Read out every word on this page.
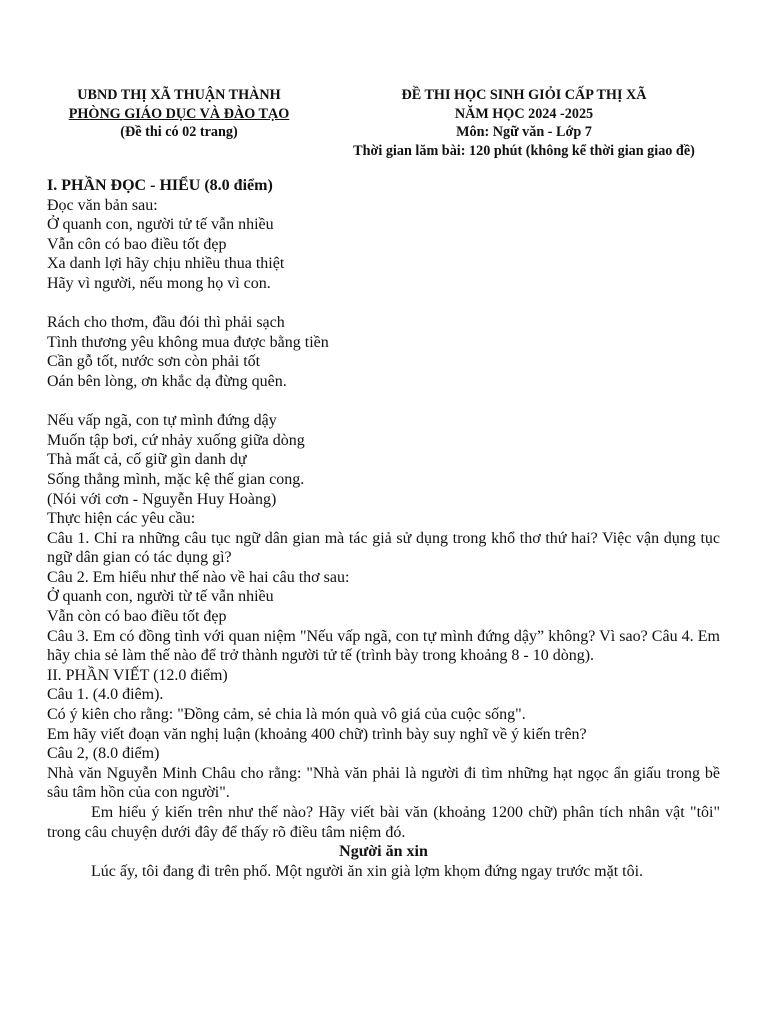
UBND THỊ XÃ THUẬN THÀNH
PHÒNG GIÁO DỤC VÀ ĐÀO TẠO
(Đề thi có 02 trang)
ĐỀ THI HỌC SINH GIỎI CẤP THỊ XÃ
NĂM HỌC 2024 -2025
Môn: Ngữ văn - Lớp 7
Thời gian lăm bài: 120 phút (không kể thời gian giao đề)

I. PHẦN ĐỌC - HIỂU (8.0 điểm)

Đọc văn bản sau:

Ở quanh con, người tử tế vẫn nhiều

Vẫn côn có bao điều tốt đẹp

Xa danh lợi hãy chịu nhiều thua thiệt

Hãy vì người, nếu mong họ vì con.

Rách cho thơm, đầu đói thì phải sạch

Tình thương yêu không mua được bằng tiền

Cần gỗ tốt, nước sơn còn phải tốt

Oán bên lòng, ơn khắc dạ đừng quên.

Nếu vấp ngã, con tự mình đứng dậy

Muốn tập bơi, cứ nhảy xuống giữa dòng

Thà mất cả, cố giữ gìn danh dự

Sống thẳng mình, mặc kệ thế gian cong.

(Nói với cơn - Nguyễn Huy Hoàng)

Thực hiện các yêu cầu:

Câu 1. Chỉ ra những câu tục ngữ dân gian mà tác giả sử dụng trong khổ thơ thứ hai? Việc vận dụng tục ngữ dân gian có tác dụng gì?

Câu 2. Em hiểu như thế nào về hai câu thơ sau:

Ở quanh con, người từ tế vẫn nhiều

Vẫn còn có bao điều tốt đẹp

Câu 3. Em có đồng tình với quan niệm "Nếu vấp ngã, con tự mình đứng dậy” không? Vì sao? Câu 4. Em hãy chia sẻ làm thế nào để trở thành người tử tế (trình bày trong khoảng 8 - 10 dòng).

II. PHẦN VIẾT (12.0 điểm)

Câu 1. (4.0 điêm).

Có ý kiên cho rằng: "Đồng cảm, sẻ chia là món quà vô giá của cuộc sống".

Em hãy viết đoạn văn nghị luận (khoảng 400 chữ) trình bày suy nghĩ về ý kiến trên?

Câu 2, (8.0 điểm)

Nhà văn Nguyễn Minh Châu cho rằng: "Nhà văn phải là người đi tìm những hạt ngọc ẩn giấu trong bề sâu tâm hồn của con người".

Em hiểu ý kiến trên như thế nào? Hãy viết bài văn (khoảng 1200 chữ) phân tích nhân vật "tôi" trong câu chuyện dưới đây để thấy rõ điều tâm niệm đó.

Người ăn xin

Lúc ấy, tôi đang đi trên phố. Một người ăn xin già lợm khọm đứng ngay trước mặt tôi.
